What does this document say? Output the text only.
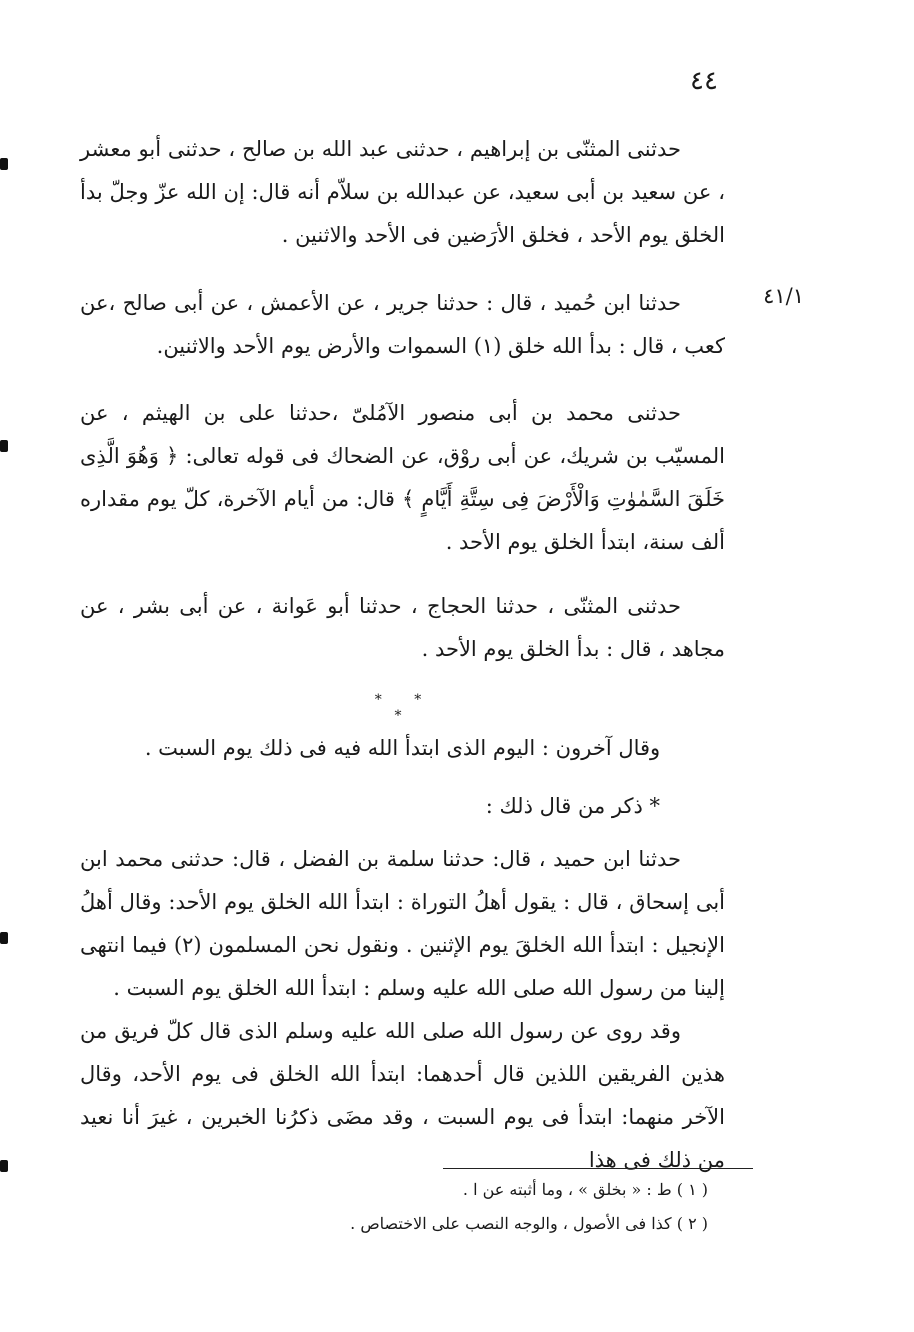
٤٤
٤١/١

حدثنى المثنّى بن إبراهيم ، حدثنى عبد الله بن صالح ، حدثنى أبو معشر ، عن سعيد بن أبى سعيد، عن عبدالله بن سلاّم أنه قال: إن الله عزّ وجلّ بدأ الخلق يوم الأحد ، فخلق الأرَضين فى الأحد والاثنين .

حدثنا ابن حُميد ، قال : حدثنا جرير ، عن الأعمش ، عن أبى صالح ،عن كعب ، قال : بدأ الله خلق (١) السموات والأرض يوم الأحد والاثنين.

حدثنى محمد بن أبى منصور الآمُلىّ ،حدثنا على بن الهيثم ، عن المسيّب بن شريك، عن أبى روْق، عن الضحاك فى قوله تعالى: ﴿ وَهُوَ الَّذِى خَلَقَ السَّمٰوٰتِ وَالْأَرْضَ فِى سِتَّةِ أَيَّامٍ ﴾ قال: من أيام الآخرة، كلّ يوم مقداره ألف سنة، ابتدأ الخلق يوم الأحد .

حدثنى المثنّى ، حدثنا الحجاج ، حدثنا أبو عَوانة ، عن أبى بشر ، عن مجاهد ، قال : بدأ الخلق يوم الأحد .

* * *

وقال آخرون : اليوم الذى ابتدأ الله فيه فى ذلك يوم السبت .

* ذكر من قال ذلك :

حدثنا ابن حميد ، قال: حدثنا سلمة بن الفضل ، قال: حدثنى محمد ابن أبى إسحاق ، قال : يقول أهلُ التوراة : ابتدأ الله الخلق يوم الأحد: وقال أهلُ الإنجيل : ابتدأ الله الخلقَ يوم الإثنين . ونقول نحن المسلمون (٢) فيما انتهى إلينا من رسول الله صلى الله عليه وسلم : ابتدأ الله الخلق يوم السبت .

وقد روى عن رسول الله صلى الله عليه وسلم الذى قال كلّ فريق من هذين الفريقين اللذين قال أحدهما: ابتدأ الله الخلق فى يوم الأحد، وقال الآخر منهما: ابتدأ فى يوم السبت ، وقد مضَى ذكرُنا الخبرين ، غيرَ أنا نعيد من ذلك فى هذا

( ١ ) ط : « بخلق » ، وما أثبته عن ا .
( ٢ ) كذا فى الأصول ، والوجه النصب على الاختصاص .
